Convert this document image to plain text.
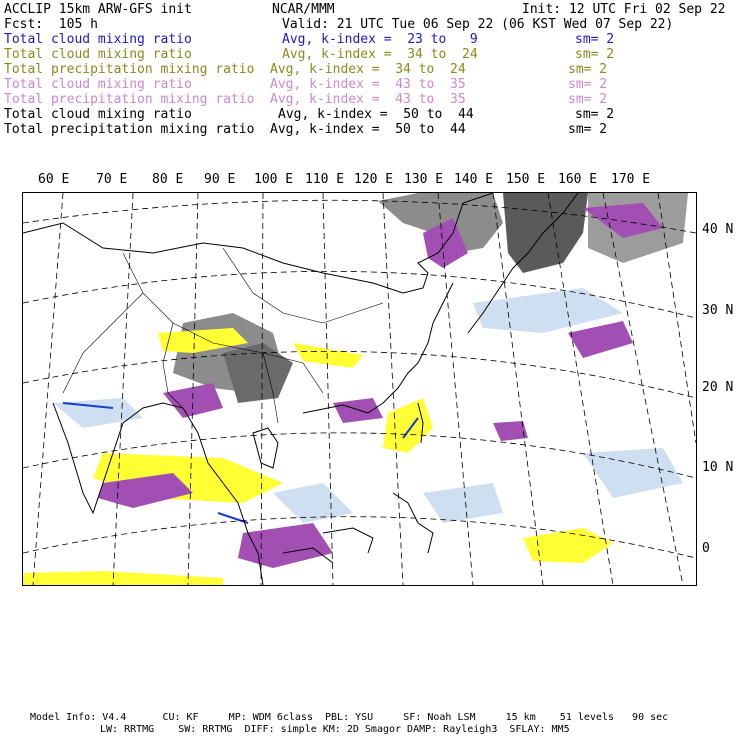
ACCLIP 15km ARW-GFS init	NCAR/MMM	Init: 12 UTC Fri 02 Sep 22
Fcst:  105 h	Valid: 21 UTC Tue 06 Sep 22 (06 KST Wed 07 Sep 22)
Total cloud mixing ratio	Avg, k-index =  23 to   9	sm= 2
Total cloud mixing ratio	Avg, k-index =  34 to  24	sm= 2
Total precipitation mixing ratio Avg, k-index =  34 to  24	sm= 2
Total cloud mixing ratio	Avg, k-index =  43 to  35	sm= 2
Total precipitation mixing ratio Avg, k-index =  43 to  35	sm= 2
Total cloud mixing ratio	Avg, k-index =  50 to  44	sm= 2
Total precipitation mixing ratio Avg, k-index =  50 to  44	sm= 2
60 E 70 E 80 E 90 E 100 E 110 E 120 E 130 E 140 E 150 E 160 E 170 E
40 N
30 N
20 N
10 N
0
Model Info: V4.4      CU: KF     MP: WDM 6class  PBL: YSU     SF: Noah LSM     15 km    51 levels   90 sec
LW: RRTMG    SW: RRTMG  DIFF: simple KM: 2D Smagor DAMP: Rayleigh3  SFLAY: MM5
